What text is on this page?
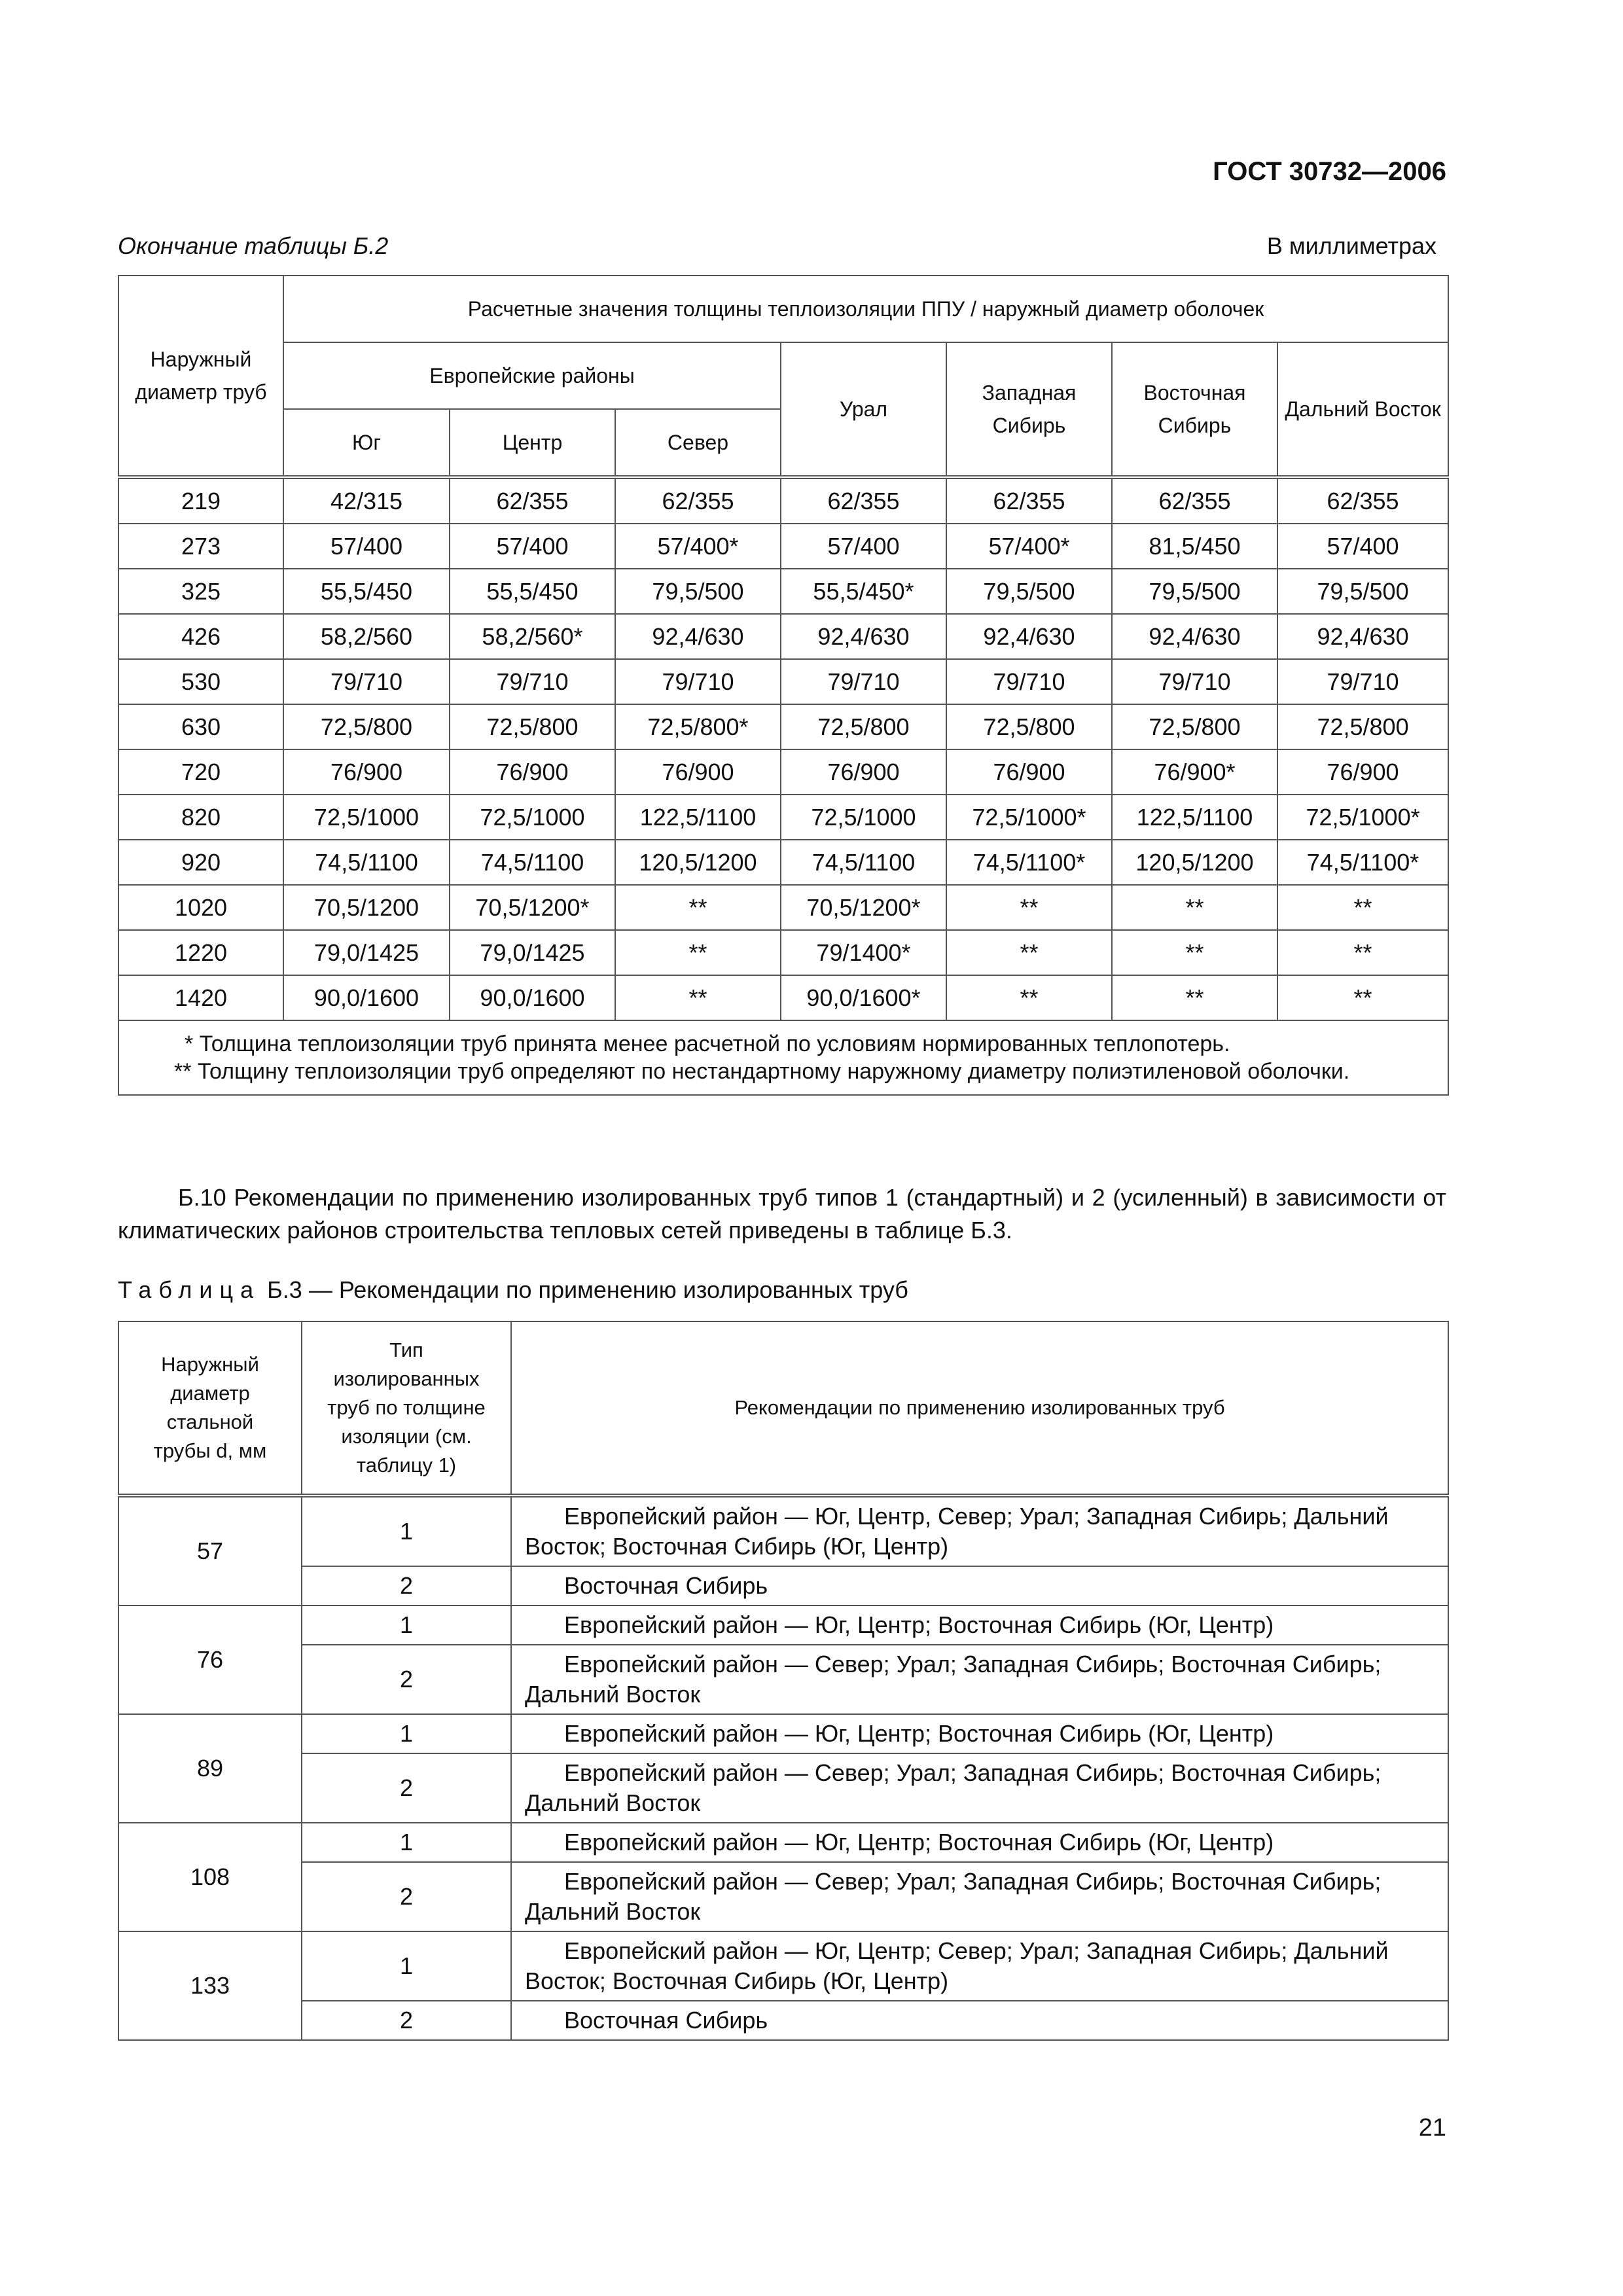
ГОСТ 30732—2006
Окончание таблицы Б.2	В миллиметрах
Наружный диаметр труб	Расчетные значения толщины теплоизоляции ППУ / наружный диаметр оболочек						
	Европейские районы			Урал	Западная Сибирь	Восточная Сибирь	Дальний Восток
	Юг	Центр	Север				
219	42/315	62/355	62/355	62/355	62/355	62/355	62/355
273	57/400	57/400	57/400*	57/400	57/400*	81,5/450	57/400
325	55,5/450	55,5/450	79,5/500	55,5/450*	79,5/500	79,5/500	79,5/500
426	58,2/560	58,2/560*	92,4/630	92,4/630	92,4/630	92,4/630	92,4/630
530	79/710	79/710	79/710	79/710	79/710	79/710	79/710
630	72,5/800	72,5/800	72,5/800*	72,5/800	72,5/800	72,5/800	72,5/800
720	76/900	76/900	76/900	76/900	76/900	76/900*	76/900
820	72,5/1000	72,5/1000	122,5/1100	72,5/1000	72,5/1000*	122,5/1100	72,5/1000*
920	74,5/1100	74,5/1100	120,5/1200	74,5/1100	74,5/1100*	120,5/1200	74,5/1100*
1020	70,5/1200	70,5/1200*	**	70,5/1200*	**	**	**
1220	79,0/1425	79,0/1425	**	79/1400*	**	**	**
1420	90,0/1600	90,0/1600	**	90,0/1600*	**	**	**

* Толщина теплоизоляции труб принята менее расчетной по условиям нормированных теплопотерь.
** Толщину теплоизоляции труб определяют по нестандартному наружному диаметру полиэтиленовой оболочки.							
Б.10 Рекомендации по применению изолированных труб типов 1 (стандартный) и 2 (усиленный) в зависимости от климатических районов строительства тепловых сетей приведены в таблице Б.3.
Таблица Б.3 — Рекомендации по применению изолированных труб
Наружный диаметр стальной трубы d, мм	Тип изолированных труб по толщине изоляции (см. таблицу 1)	Рекомендации по применению изолированных труб
57	1	Европейский район — Юг, Центр, Север; Урал; Западная Сибирь; Дальний Восток; Восточная Сибирь (Юг, Центр)
	2	Восточная Сибирь
76	1	Европейский район — Юг, Центр; Восточная Сибирь (Юг, Центр)
	2	Европейский район — Север; Урал; Западная Сибирь; Восточная Сибирь; Дальний Восток
89	1	Европейский район — Юг, Центр; Восточная Сибирь (Юг, Центр)
	2	Европейский район — Север; Урал; Западная Сибирь; Восточная Сибирь; Дальний Восток
108	1	Европейский район — Юг, Центр; Восточная Сибирь (Юг, Центр)
	2	Европейский район — Север; Урал; Западная Сибирь; Восточная Сибирь; Дальний Восток
133	1	Европейский район — Юг, Центр; Север; Урал; Западная Сибирь; Дальний Восток; Восточная Сибирь (Юг, Центр)
	2	Восточная Сибирь
21
